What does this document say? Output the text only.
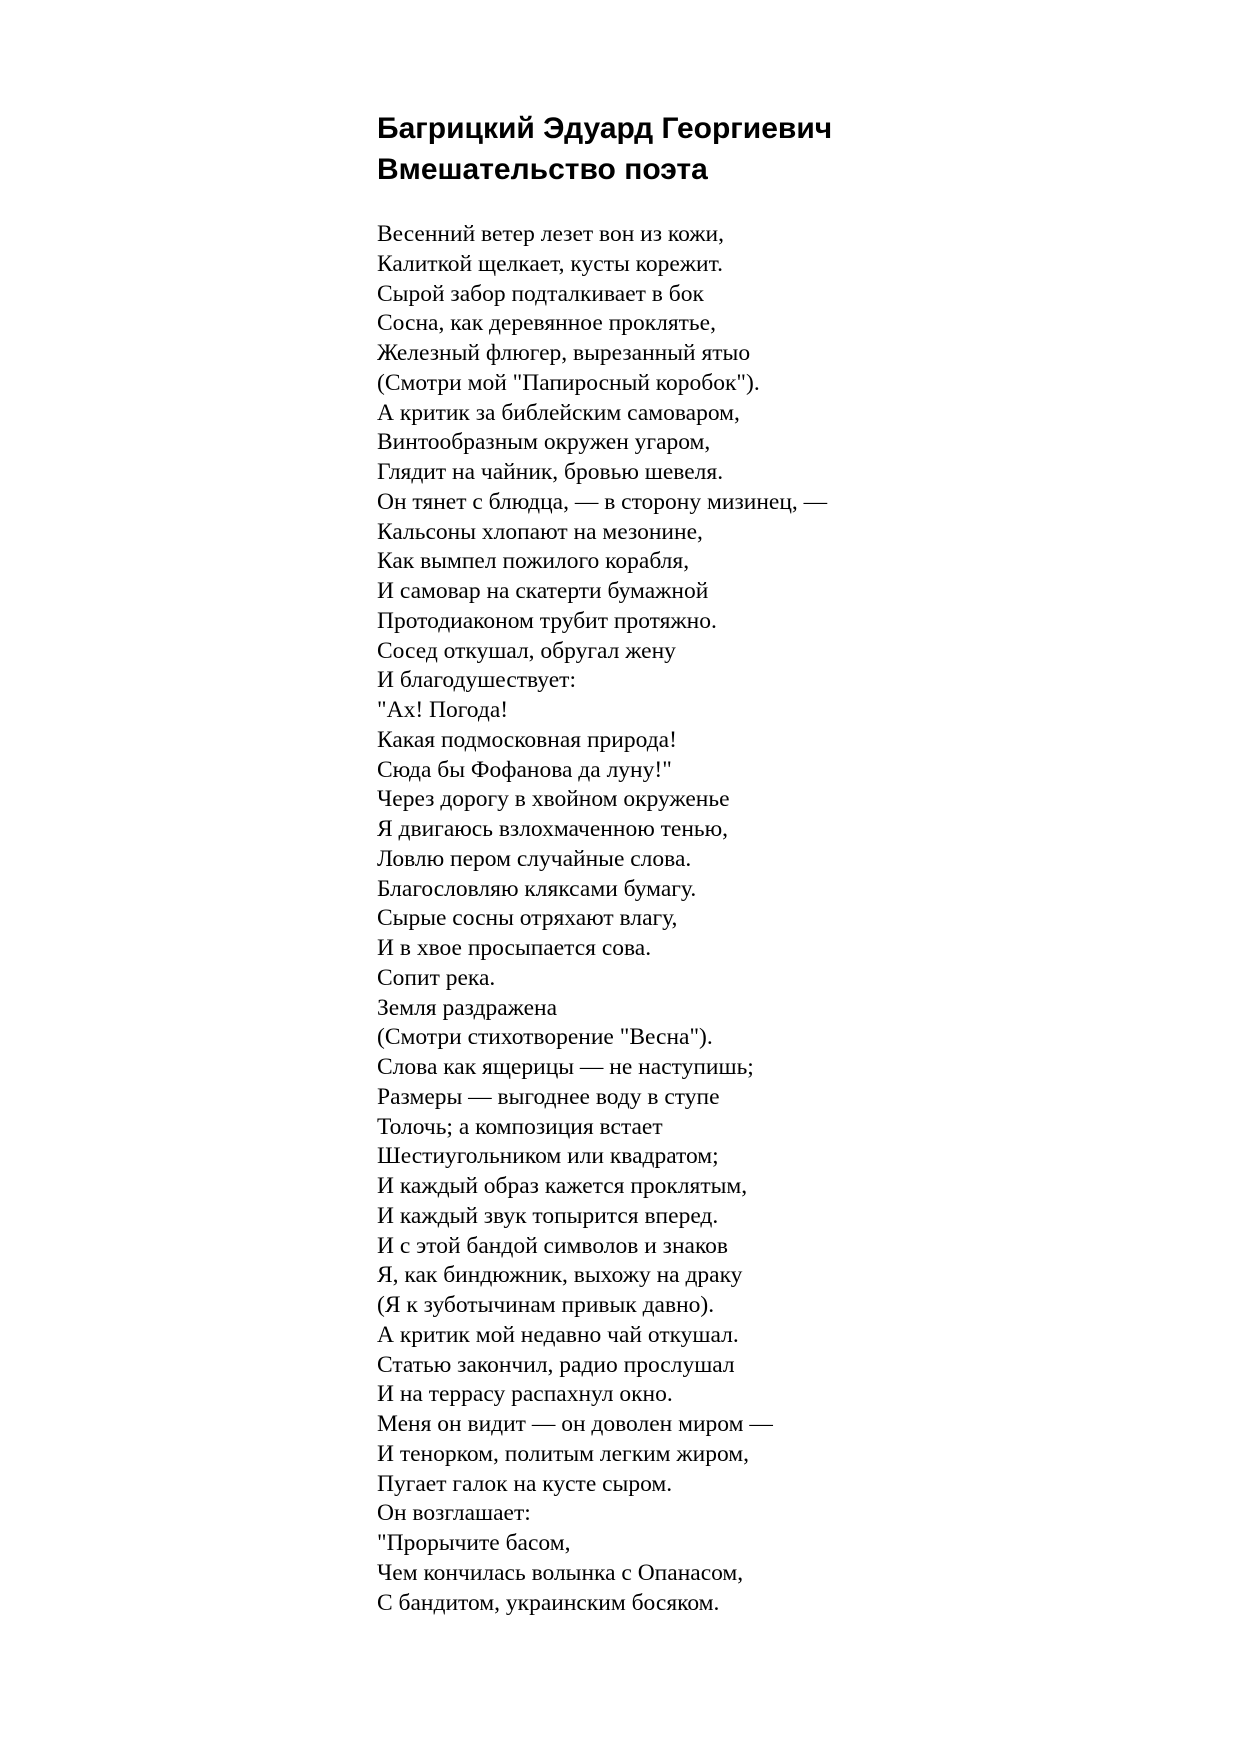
Багрицкий Эдуард Георгиевич
Вмешательство поэта
Весенний ветер лезет вон из кожи,
Калиткой щелкает, кусты корежит.
Сырой забор подталкивает в бок
Сосна, как деревянное проклятье,
Железный флюгер, вырезанный ятыо
(Смотри мой "Папиросный коробок").
А критик за библейским самоваром,
Винтообразным окружен угаром,
Глядит на чайник, бровью шевеля.
Он тянет с блюдца, — в сторону мизинец, —
Кальсоны хлопают на мезонине,
Как вымпел пожилого корабля,
И самовар на скатерти бумажной
Протодиаконом трубит протяжно.
Сосед откушал, обругал жену
И благодушествует:
"Ах! Погода!
Какая подмосковная природа!
Сюда бы Фофанова да луну!"
Через дорогу в хвойном окруженье
Я двигаюсь взлохмаченною тенью,
Ловлю пером случайные слова.
Благословляю кляксами бумагу.
Сырые сосны отряхают влагу,
И в хвое просыпается сова.
Сопит река.
Земля раздражена
(Смотри стихотворение "Весна").
Слова как ящерицы — не наступишь;
Размеры — выгоднее воду в ступе
Толочь; а композиция встает
Шестиугольником или квадратом;
И каждый образ кажется проклятым,
И каждый звук топырится вперед.
И с этой бандой символов и знаков
Я, как биндюжник, выхожу на драку
(Я к зуботычинам привык давно).
А критик мой недавно чай откушал.
Статью закончил, радио прослушал
И на террасу распахнул окно.
Меня он видит — он доволен миром —
И тенорком, политым легким жиром,
Пугает галок на кусте сыром.
Он возглашает:
"Прорычите басом,
Чем кончилась волынка с Опанасом,
С бандитом, украинским босяком.
